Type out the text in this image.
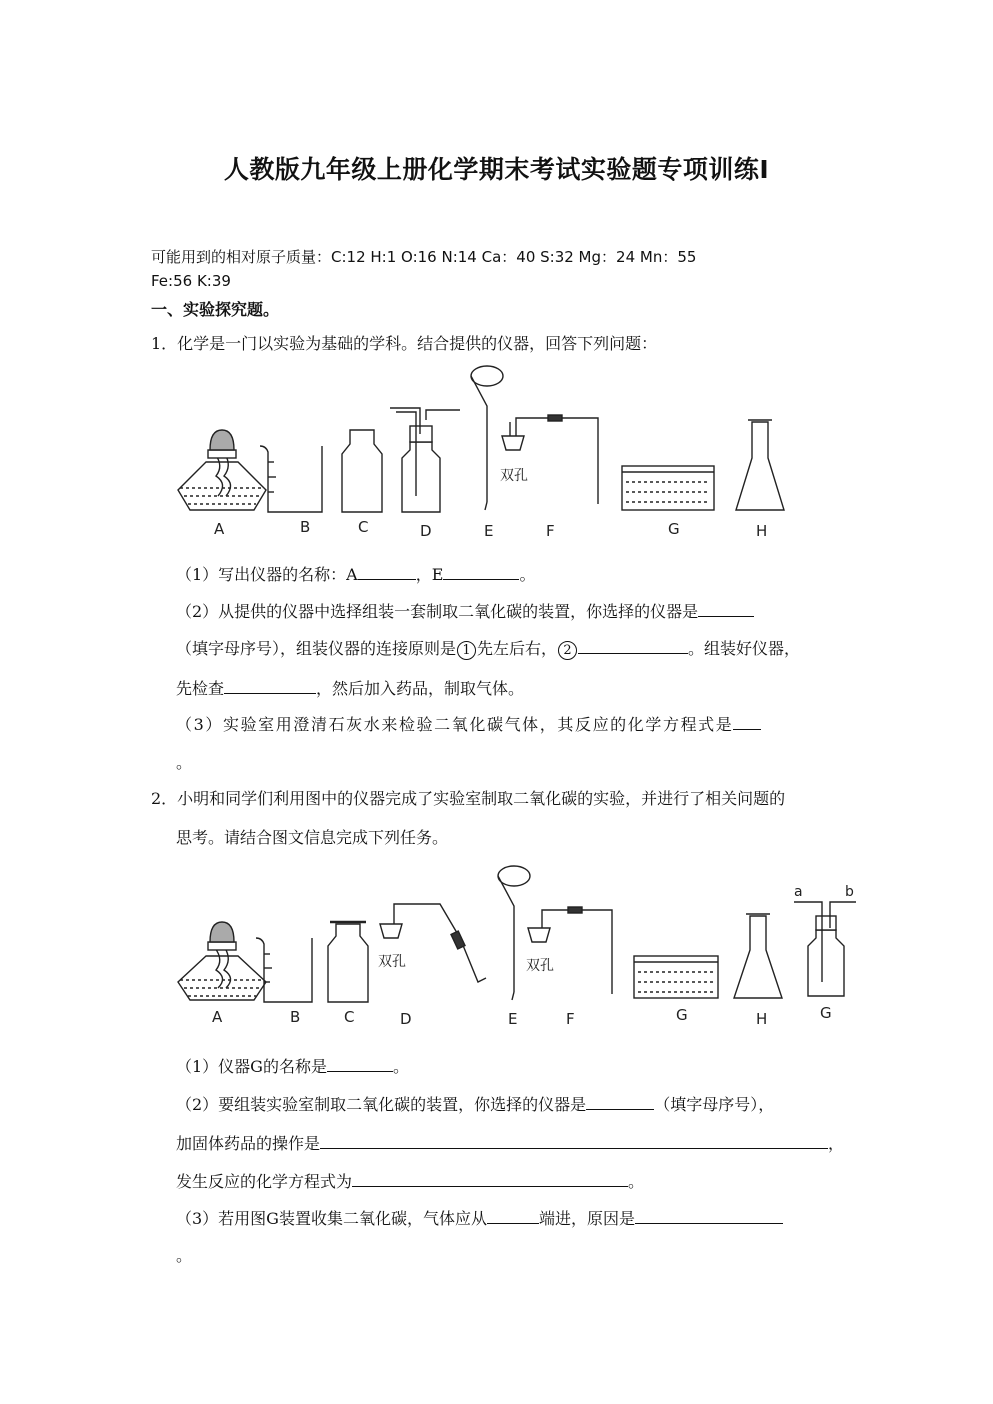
人教版九年级上册化学期末考试实验题专项训练Ⅰ
可能用到的相对原子质量：C:12 H:1 O:16 N:14 Ca：40 S:32 Mg：24 Mn：55
Fe:56 K:39
一、实验探究题。
1．化学是一门以实验为基础的学科。结合提供的仪器，回答下列问题：
双孔
A	B	C	D	E	F	G	H
（1）写出仪器的名称：A	，E	。
（2）从提供的仪器中选择组装一套制取二氧化碳的装置，你选择的仪器是
（填字母序号），组装仪器的连接原则是 1 先左后右， 2	。组装好仪器，
先检查	，然后加入药品，制取气体。
（3）实验室用澄清石灰水来检验二氧化碳气体，其反应的化学方程式是
。
2．小明和同学们利用图中的仪器完成了实验室制取二氧化碳的实验，并进行了相关问题的
思考。请结合图文信息完成下列任务。
双孔	双孔
a	b
A	B	C	D	E	F	G	H	G
（1）仪器G的名称是	。
（2）要组装实验室制取二氧化碳的装置，你选择的仪器是	（填字母序号），
加固体药品的操作是	，
发生反应的化学方程式为	。
（3）若用图G装置收集二氧化碳，气体应从	端进，原因是
。
